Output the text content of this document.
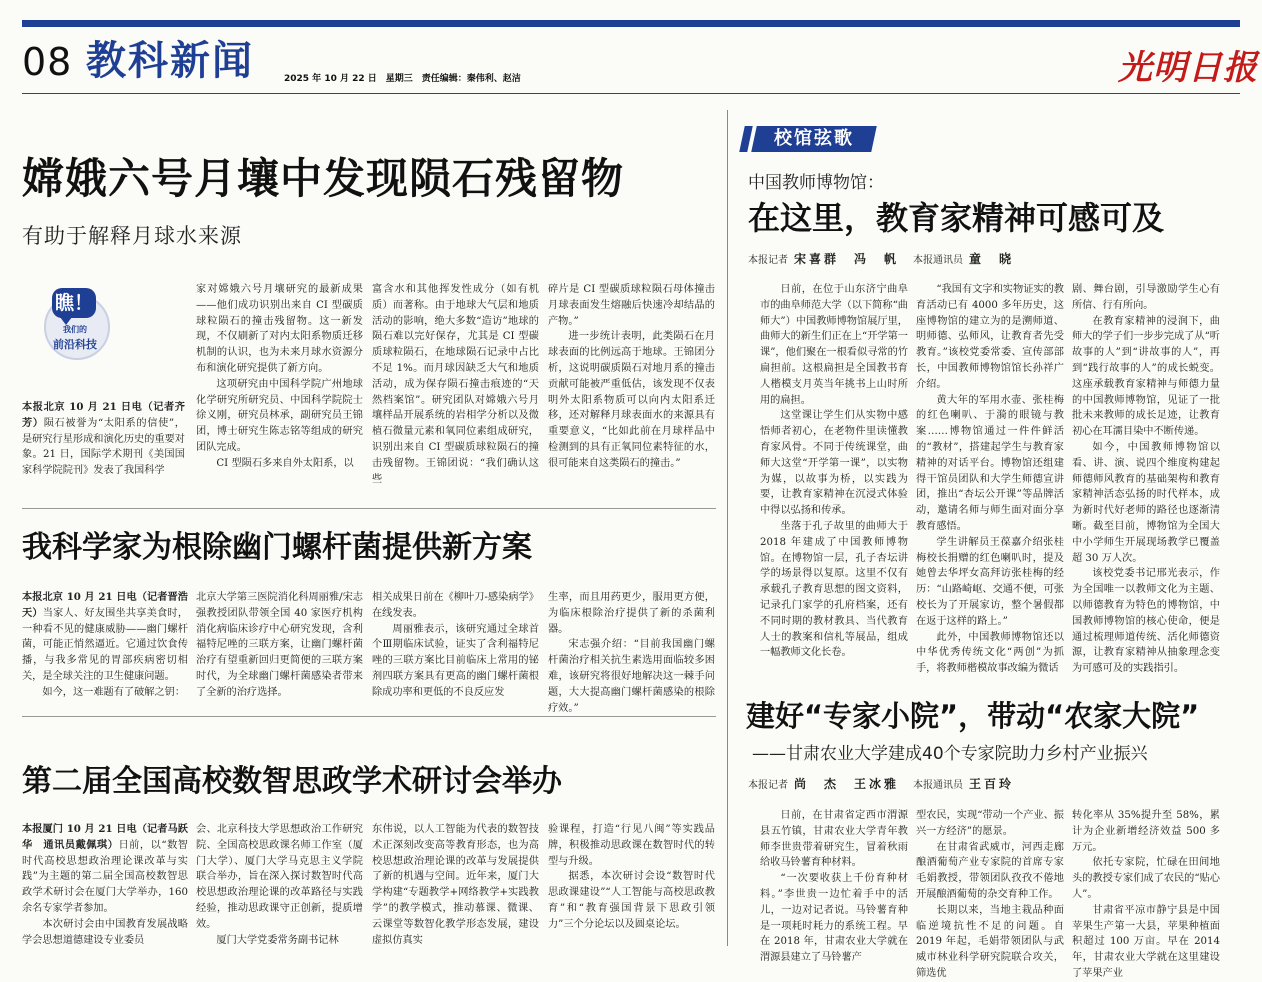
08 教科新闻	2025 年 10 月 22 日　星期三　责任编辑：秦伟利、赵洁	光明日报
嫦娥六号月壤中发现陨石残留物
有助于解释月球水来源
瞧！
我们的
前沿科技

本报北京 10 月 21 日电（记者齐芳）陨石被誉为“太阳系的信使”，是研究行星形成和演化历史的重要对象。21 日，国际学术期刊《美国国家科学院院刊》发表了我国科学

家对嫦娥六号月壤研究的最新成果——他们成功识别出来自 CI 型碳质球粒陨石的撞击残留物。这一新发现，不仅刷新了对内太阳系物质迁移机制的认识，也为未来月球水资源分布和演化研究提供了新方向。

这项研究由中国科学院广州地球化学研究所研究员、中国科学院院士徐义刚，研究员林承，副研究员王锦团，博士研究生陈志铭等组成的研究团队完成。

CI 型陨石多来自外太阳系，以

富含水和其他挥发性成分（如有机质）而著称。由于地球大气层和地质活动的影响，绝大多数“造访”地球的陨石难以完好保存，尤其是 CI 型碳质球粒陨石，在地球陨石记录中占比不足 1%。而月球因缺乏大气和地质活动，成为保存陨石撞击痕迹的“天然档案馆”。研究团队对嫦娥六号月壤样品开展系统的岩相学分析以及微植石微量元素和氧同位素组成研究，识别出来自 CI 型碳质球粒陨石的撞击残留物。王锦团说：“我们确认这些

碎片是 CI 型碳质球粒陨石母体撞击月球表面发生熔融后快速冷却结晶的产物。”

进一步统计表明，此类陨石在月球表面的比例远高于地球。王锦团分析，这说明碳质陨石对地月系的撞击贡献可能被严重低估，该发现不仅表明外太阳系物质可以向内太阳系迁移，还对解释月球表面水的来源具有重要意义，“比如此前在月球样品中检测到的具有正氧同位素特征的水，很可能来自这类陨石的撞击。”

我科学家为根除幽门螺杆菌提供新方案

本报北京 10 月 21 日电（记者晋浩天）当家人、好友围坐共享美食时，一种看不见的健康威胁——幽门螺杆菌，可能正悄然逼近。它通过饮食传播，与我多常见的胃部疾病密切相关，是全球关注的卫生健康问题。

如今，这一难题有了破解之钥：

北京大学第三医院消化科周丽雅/宋志强教授团队带领全国 40 家医疗机构消化病临床诊疗中心研究发现，含利福特尼唑的三联方案，让幽门螺杆菌治疗有望重新回归更简便的三联方案时代，为全球幽门螺杆菌感染者带来了全新的治疗选择。

相关成果日前在《柳叶刀-感染病学》在线发表。

周丽雅表示，该研究通过全球首个Ⅲ期临床试验，证实了含利福特尼唑的三联方案比目前临床上常用的铋剂四联方案具有更高的幽门螺杆菌根除成功率和更低的不良反应发

生率，而且用药更少，服用更方便，为临床根除治疗提供了新的杀菌利器。

宋志强介绍：“目前我国幽门螺杆菌治疗相关抗生素选用面临较多困难，该研究将很好地解决这一棘手问题，大大提高幽门螺杆菌感染的根除疗效。”

第二届全国高校数智思政学术研讨会举办

本报厦门 10 月 21 日电（记者马跃华　通讯员戴佩琪）日前，以“数智时代高校思想政治理论课改革与实践”为主题的第二届全国高校数智思政学术研讨会在厦门大学举办，160 余名专家学者参加。

本次研讨会由中国教育发展战略学会思想道德建设专业委员

会、北京科技大学思想政治工作研究院、全国高校思政课名师工作室（厦门大学）、厦门大学马克思主义学院联合举办，旨在深入探讨数智时代高校思想政治理论课的改革路径与实践经验，推动思政课守正创新，提质增效。

厦门大学党委常务副书记林

东伟说，以人工智能为代表的数智技术正深刻改变高等教育形态，也为高校思想政治理论课的改革与发展提供了新的机遇与空间。近年来，厦门大学构建“专题教学+网络教学+实践教学”的教学模式，推动慕课、微课、云课堂等数智化教学形态发展，建设虚拟仿真实

验课程，打造“行见八闽”等实践品牌，积极推动思政课在数智时代的转型与升级。

据悉，本次研讨会设“数智时代思政课建设”“人工智能与高校思政教育”和“教育强国背景下思政引领力”三个分论坛以及圆桌论坛。

校馆弦歌
中国教师博物馆：
在这里，教育家精神可感可及
本报记者 宋喜群　冯　帆 本报通讯员 童　晓

日前，在位于山东济宁曲阜市的曲阜师范大学（以下简称“曲师大”）中国教师博物馆展厅里，曲师大的新生们正在上“开学第一课”，他们聚在一根看似寻常的竹扁担前。这根扁担是全国教书育人楷模支月英当年挑书上山时所用的扁担。

这堂课让学生们从实物中感悟师者初心，在老物件里读懂教育家风骨。不同于传统课堂，曲师大这堂“开学第一课”，以实物为媒，以故事为桥，以实践为要，让教育家精神在沉浸式体验中得以弘扬和传承。

坐落于孔子故里的曲师大于 2018 年建成了中国教师博物馆。在博物馆一层，孔子杏坛讲学的场景得以复原。这里不仅有承载孔子教育思想的图文资料，记录孔门家学的孔府档案，还有不同时期的教材教具、当代教育人士的教案和信札等展品，组成一幅教师文化长卷。

“我国有文字和实物证实的教育活动已有 4000 多年历史，这座博物馆的建立为的是溯师道、明师德、弘师风，让教育者先受教育。”该校党委常委、宣传部部长，中国教师博物馆馆长孙祥广介绍。

黄大年的军用水壶、张桂梅的红色喇叭、于漪的眼镜与教案……博物馆通过一件件鲜活的“教材”，搭建起学生与教育家精神的对话平台。博物馆还组建得干馆员团队和大学生师德宣讲团，推出“杏坛公开课”等品牌活动，邀请名师与师生面对面分享教育感悟。

学生讲解员王葆嘉介绍张桂梅校长捐赠的红色喇叭时，提及她曾去华坪女高拜访张桂梅的经历：“山路崎岖、交通不便，可张校长为了开展家访，整个暑假都在返于这样的路上。”

此外，中国教师博物馆还以中华优秀传统文化“两创”为抓手，将教师楷模故事改编为微话

剧、舞台剧，引导激励学生心有所信、行有所向。

在教育家精神的浸润下，曲师大的学子们一步步完成了从“听故事的人”到“讲故事的人”，再到“践行故事的人”的成长蜕变。这座承载教育家精神与师德力量的中国教师博物馆，见证了一批批未来教师的成长足迹，让教育初心在耳濡目染中不断传递。

如今，中国教师博物馆以看、讲、演、说四个维度构建起师德师风教育的基础架构和教育家精神活态弘扬的时代样本，成为新时代好老师的路径也逐渐清晰。截至目前，博物馆为全国大中小学师生开展现场教学已覆盖超 30 万人次。

该校党委书记邢光表示，作为全国唯一以教师文化为主题、以师德教育为特色的博物馆，中国教师博物馆的核心使命，便是通过梳理师道传统、活化师德资源，让教育家精神从抽象理念变为可感可及的实践指引。

建好“专家小院”，带动“农家大院”
——甘肃农业大学建成40个专家院助力乡村产业振兴
本报记者 尚　杰　王冰雅 本报通讯员 王百玲

日前，在甘肃省定西市渭源县五竹镇，甘肃农业大学青年教师李世贵带着研究生，冒着秋雨给收马铃薯育种材料。

“一次要收获上千份育种材料。”李世贵一边忙着手中的活儿，一边对记者说。马铃薯育种是一项耗时耗力的系统工程。早在 2018 年，甘肃农业大学就在渭源县建立了马铃薯产

型农民，实现“带动一个产业、振兴一方经济”的愿景。

在甘肃省武威市，河西走廊酿酒葡萄产业专家院的首席专家毛娟教授，带领团队孜孜不倦地开展酿酒葡萄的杂交育种工作。

长期以来，当地主栽品种面临逆境抗性不足的问题。自 2019 年起，毛娟带领团队与武威市林业科学研究院联合攻关，筛选优

转化率从 35%提升至 58%，累计为企业新增经济效益 500 多万元。

依托专家院，忙碌在田间地头的教授专家们成了农民的“贴心人”。

甘肃省平凉市静宁县是中国苹果生产第一大县，苹果种植面积超过 100 万亩。早在 2014 年，甘肃农业大学就在这里建设了苹果产业
